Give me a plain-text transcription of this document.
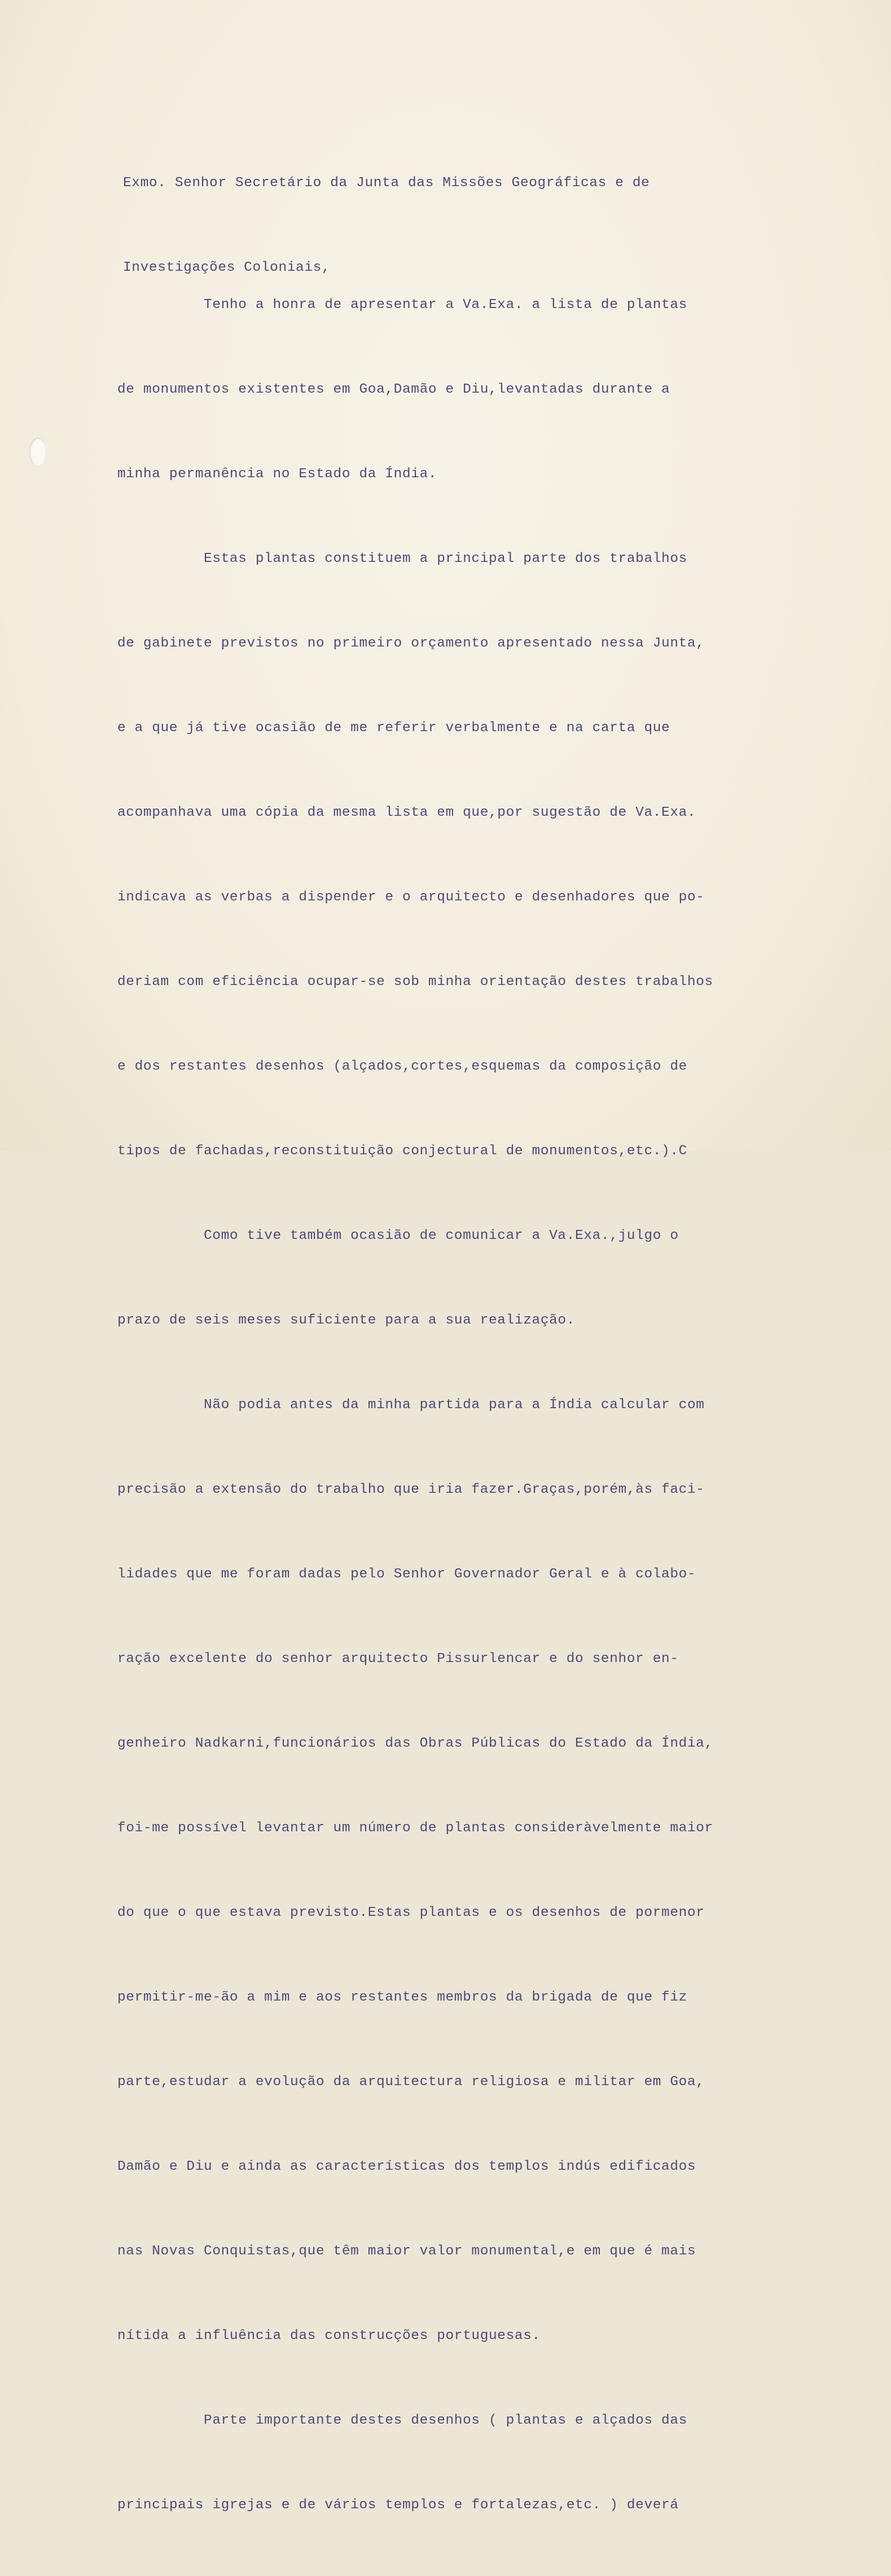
Exmo. Senhor Secretário da Junta das Missões Geográficas e de

Investigações Coloniais,

Tenho a honra de apresentar a Va.Exa. a lista de plantas

de monumentos existentes em Goa,Damão e Diu,levantadas durante a

minha permanência no Estado da Índia.

Estas plantas constituem a principal parte dos trabalhos

de gabinete previstos no primeiro orçamento apresentado nessa Junta,

e a que já tive ocasião de me referir verbalmente e na carta que

acompanhava uma cópia da mesma lista em que,por sugestão de Va.Exa.

indicava as verbas a dispender e o arquitecto e desenhadores que po-

deriam com eficiência ocupar-se sob minha orientação destes trabalhos

e dos restantes desenhos (alçados,cortes,esquemas da composição de

tipos de fachadas,reconstituição conjectural de monumentos,etc.).C

Como tive também ocasião de comunicar a Va.Exa.,julgo o

prazo de seis meses suficiente para a sua realização.

Não podia antes da minha partida para a Índia calcular com

precisão a extensão do trabalho que iria fazer.Graças,porém,às faci-

lidades que me foram dadas pelo Senhor Governador Geral e à colabo-

ração excelente do senhor arquitecto Pissurlencar e do senhor en-

genheiro Nadkarni,funcionários das Obras Públicas do Estado da Índia,

foi-me possível levantar um número de plantas consideràvelmente maior

do que o que estava previsto.Estas plantas e os desenhos de pormenor

permitir-me-ão a mim e aos restantes membros da brigada de que fiz

parte,estudar a evolução da arquitectura religiosa e militar em Goa,

Damão e Diu e ainda as características dos templos indús edificados

nas Novas Conquistas,que têm maior valor monumental,e em que é mais

nítida a influência das construcções portuguesas.

Parte importante destes desenhos ( plantas e alçados das

principais igrejas e de vários templos e fortalezas,etc. ) deverá
